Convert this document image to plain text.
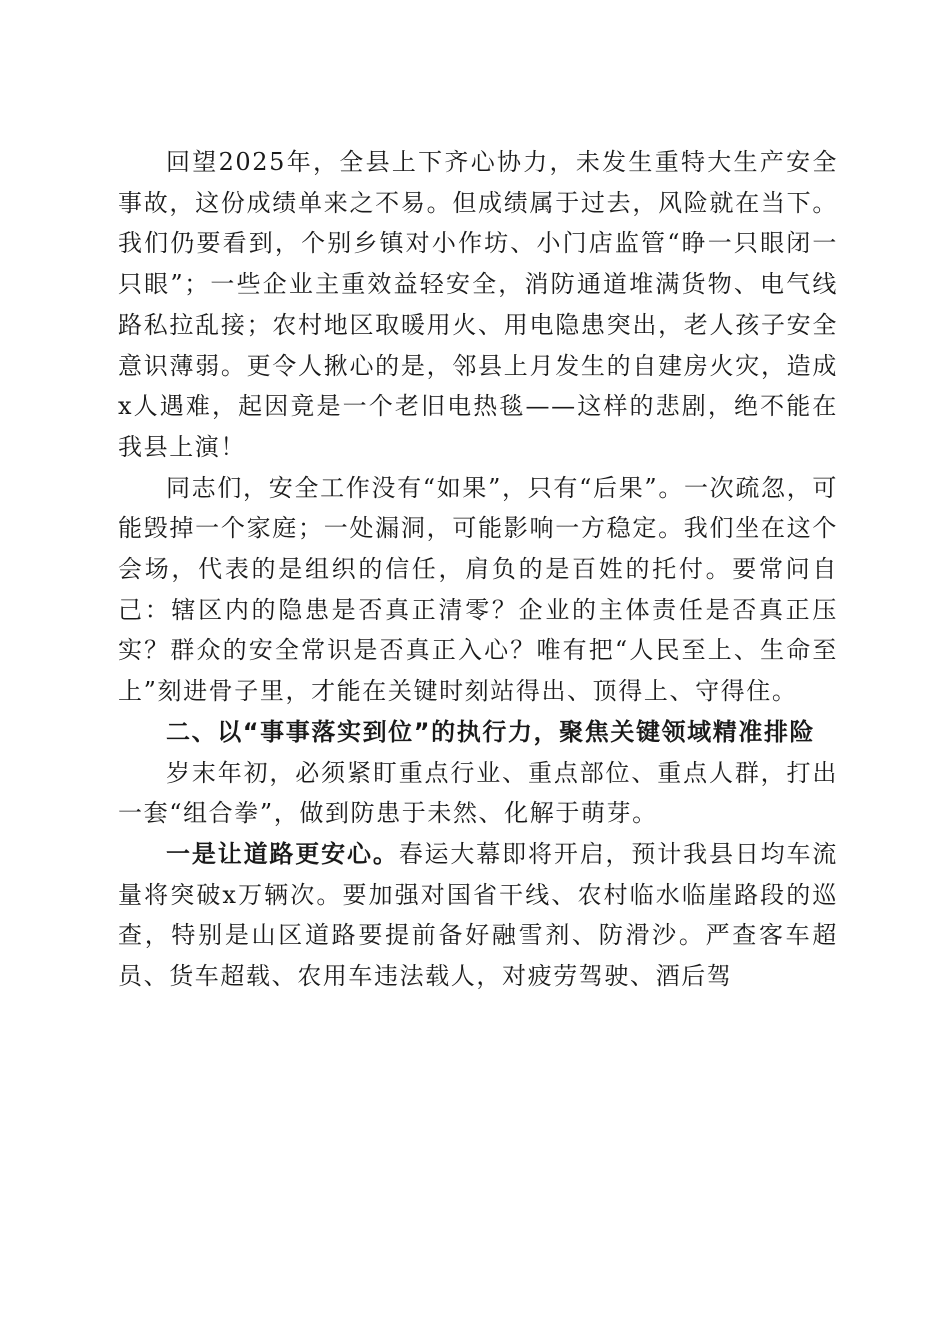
回望2025年，全县上下齐心协力，未发生重特大生产安全事故，这份成绩单来之不易。但成绩属于过去，风险就在当下。我们仍要看到，个别乡镇对小作坊、小门店监管“睁一只眼闭一只眼”；一些企业主重效益轻安全，消防通道堆满货物、电气线路私拉乱接；农村地区取暖用火、用电隐患突出，老人孩子安全意识薄弱。更令人揪心的是，邻县上月发生的自建房火灾，造成x人遇难，起因竟是一个老旧电热毯——这样的悲剧，绝不能在我县上演！

同志们，安全工作没有“如果”，只有“后果”。一次疏忽，可能毁掉一个家庭；一处漏洞，可能影响一方稳定。我们坐在这个会场，代表的是组织的信任，肩负的是百姓的托付。要常问自己：辖区内的隐患是否真正清零？企业的主体责任是否真正压实？群众的安全常识是否真正入心？唯有把“人民至上、生命至上”刻进骨子里，才能在关键时刻站得出、顶得上、守得住。

二、以“事事落实到位”的执行力，聚焦关键领域精准排险

岁末年初，必须紧盯重点行业、重点部位、重点人群，打出一套“组合拳”，做到防患于未然、化解于萌芽。

一是让道路更安心。春运大幕即将开启，预计我县日均车流量将突破x万辆次。要加强对国省干线、农村临水临崖路段的巡查，特别是山区道路要提前备好融雪剂、防滑沙。严查客车超员、货车超载、农用车违法载人，对疲劳驾驶、酒后驾
